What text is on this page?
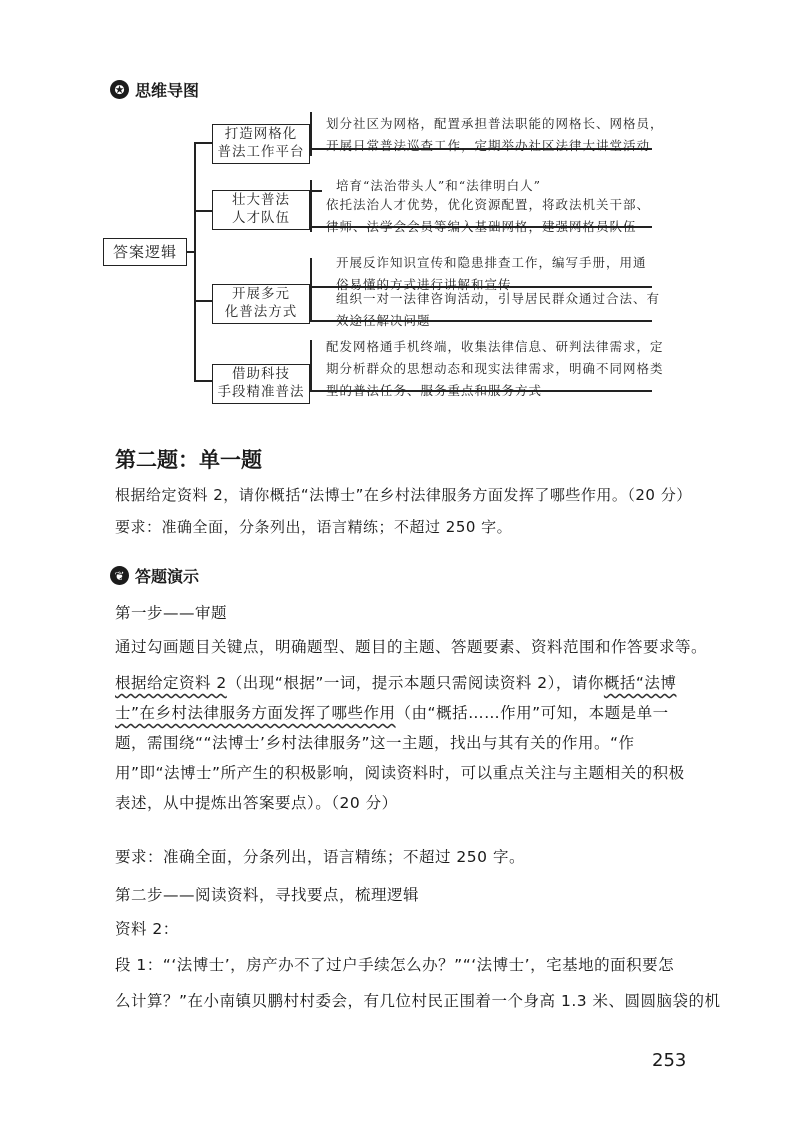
✪ 思维导图
答案逻辑
打造网格化
普法工作平台
划分社区为网格，配置承担普法职能的网格长、网格员，
开展日常普法巡查工作，定期举办社区法律大讲堂活动
壮大普法
人才队伍
培育“法治带头人”和“法律明白人”
依托法治人才优势，优化资源配置，将政法机关干部、
律师、法学会会员等编入基础网格，建强网格员队伍
开展多元
化普法方式
开展反诈知识宣传和隐患排查工作，编写手册，用通
俗易懂的方式进行讲解和宣传
组织一对一法律咨询活动，引导居民群众通过合法、有
效途径解决问题
借助科技
手段精准普法
配发网格通手机终端，收集法律信息、研判法律需求，定
期分析群众的思想动态和现实法律需求，明确不同网格类
型的普法任务、服务重点和服务方式
第二题：单一题
根据给定资料 2，请你概括“法博士”在乡村法律服务方面发挥了哪些作用。（20 分）
要求：准确全面，分条列出，语言精练；不超过 250 字。
❦ 答题演示
第一步——审题
通过勾画题目关键点，明确题型、题目的主题、答题要素、资料范围和作答要求等。
根据给定资料 2（出现“根据”一词，提示本题只需阅读资料 2），请你概括“法博士”在乡村法律服务方面发挥了哪些作用（由“概括……作用”可知，本题是单一题，需围绕““法博士’乡村法律服务”这一主题，找出与其有关的作用。“作用”即“法博士”所产生的积极影响，阅读资料时，可以重点关注与主题相关的积极表述，从中提炼出答案要点）。（20 分）
要求：准确全面，分条列出，语言精练；不超过 250 字。
第二步——阅读资料，寻找要点，梳理逻辑
资料 2：
段 1：“‘法博士’，房产办不了过户手续怎么办？”“‘法博士’，宅基地的面积要怎
么计算？”在小南镇贝鹏村村委会，有几位村民正围着一个身高 1.3 米、圆圆脑袋的机
253
